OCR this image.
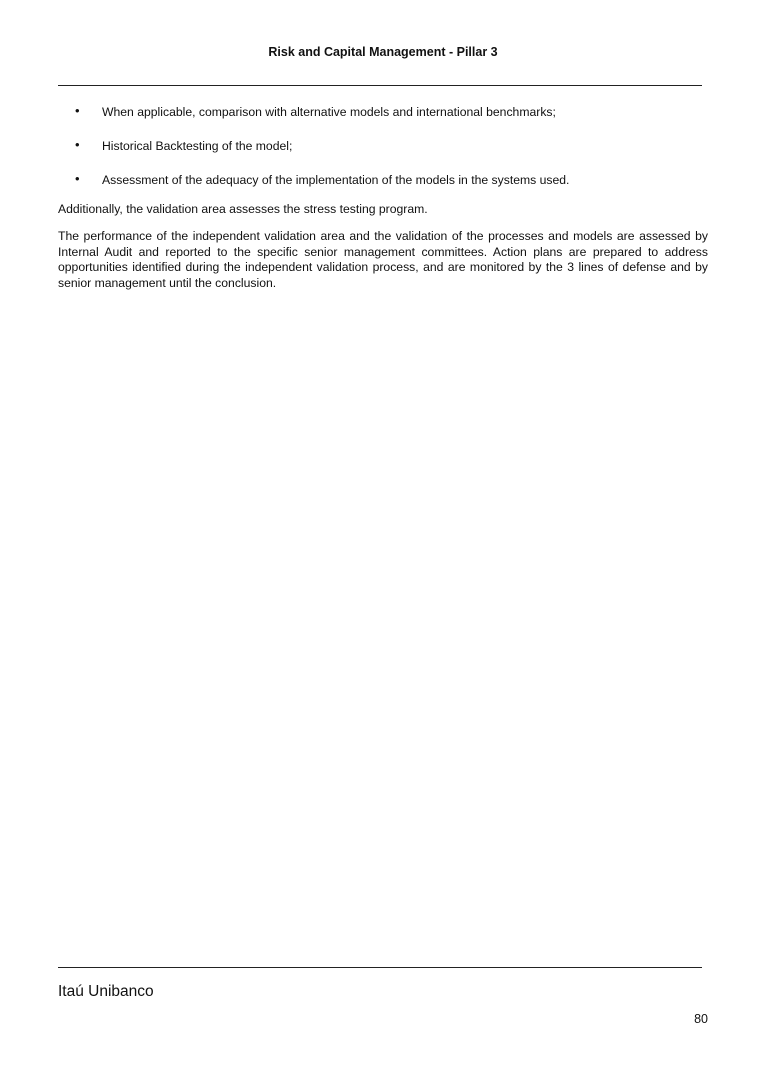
Risk and Capital Management - Pillar 3
• When applicable, comparison with alternative models and international benchmarks;
• Historical Backtesting of the model;
• Assessment of the adequacy of the implementation of the models in the systems used.

Additionally, the validation area assesses the stress testing program.

The performance of the independent validation area and the validation of the processes and models are assessed by Internal Audit and reported to the specific senior management committees. Action plans are prepared to address opportunities identified during the independent validation process, and are monitored by the 3 lines of defense and by senior management until the conclusion.

Itaú Unibanco
80
